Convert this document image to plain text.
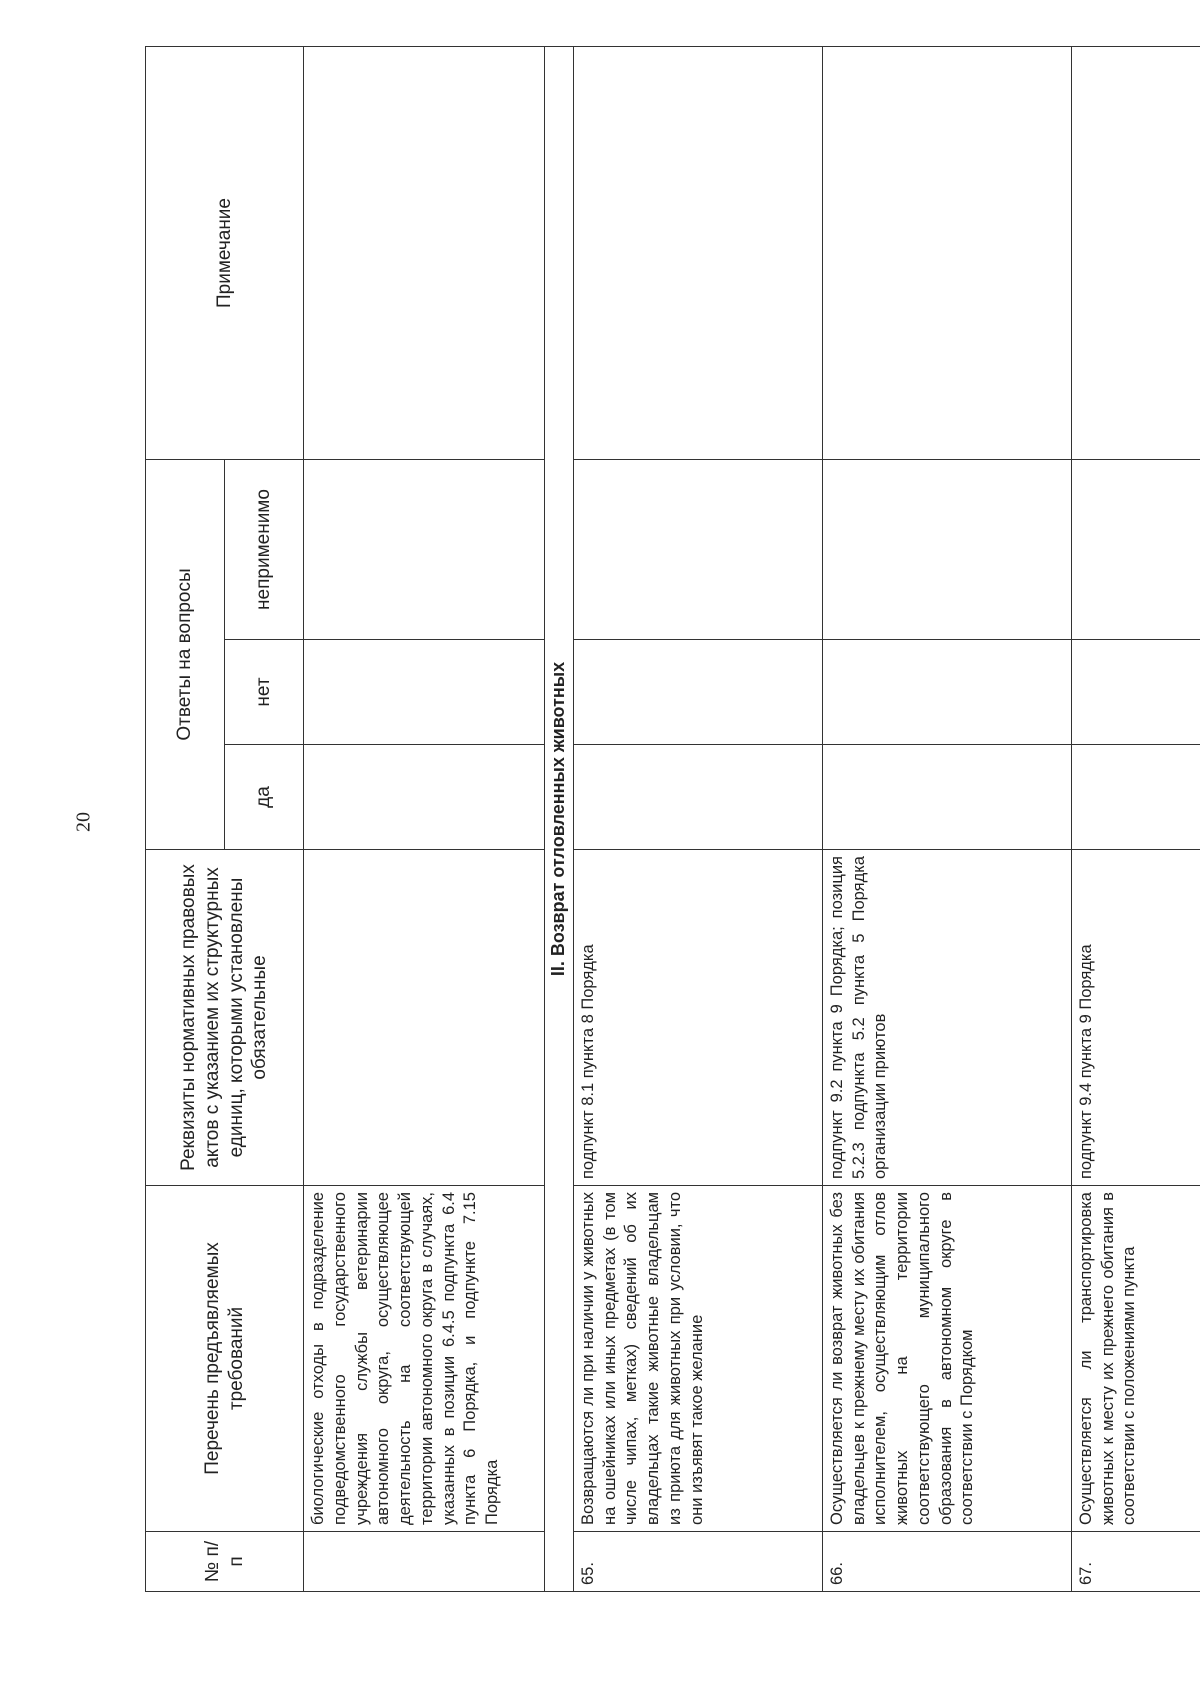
20
№ п/п	Перечень предъявляемых требований	Реквизиты нормативных правовых актов с указанием их структурных единиц, которыми установлены обязательные	Ответы на вопросы			Примечание
			да	нет	неприменимо	
	биологические отходы в подразделение подведомственного государственного учреждения службы ветеринарии автономного округа, осуществляющее деятельность на соответствующей территории автономного округа в случаях, указанных в позиции 6.4.5 подпункта 6.4 пункта 6 Порядка, и подпункте 7.15 Порядка					
II. Возврат отловленных животных						
65.	Возвращаются ли при наличии у животных на ошейниках или иных предметах (в том числе чипах, метках) сведений об их владельцах такие животные владельцам из приюта для животных при условии, что они изъявят такое желание	подпункт 8.1 пункта 8 Порядка				
66.	Осуществляется ли возврат животных без владельцев к прежнему месту их обитания исполнителем, осуществляющим отлов животных на территории соответствующего муниципального образования в автономном округе в соответствии с Порядком	подпункт 9.2 пункта 9 Порядка; позиция 5.2.3 подпункта 5.2 пункта 5 Порядка организации приютов				
67.	Осуществляется ли транспортировка животных к месту их прежнего обитания в соответствии с положениями пункта	подпункт 9.4 пункта 9 Порядка				
